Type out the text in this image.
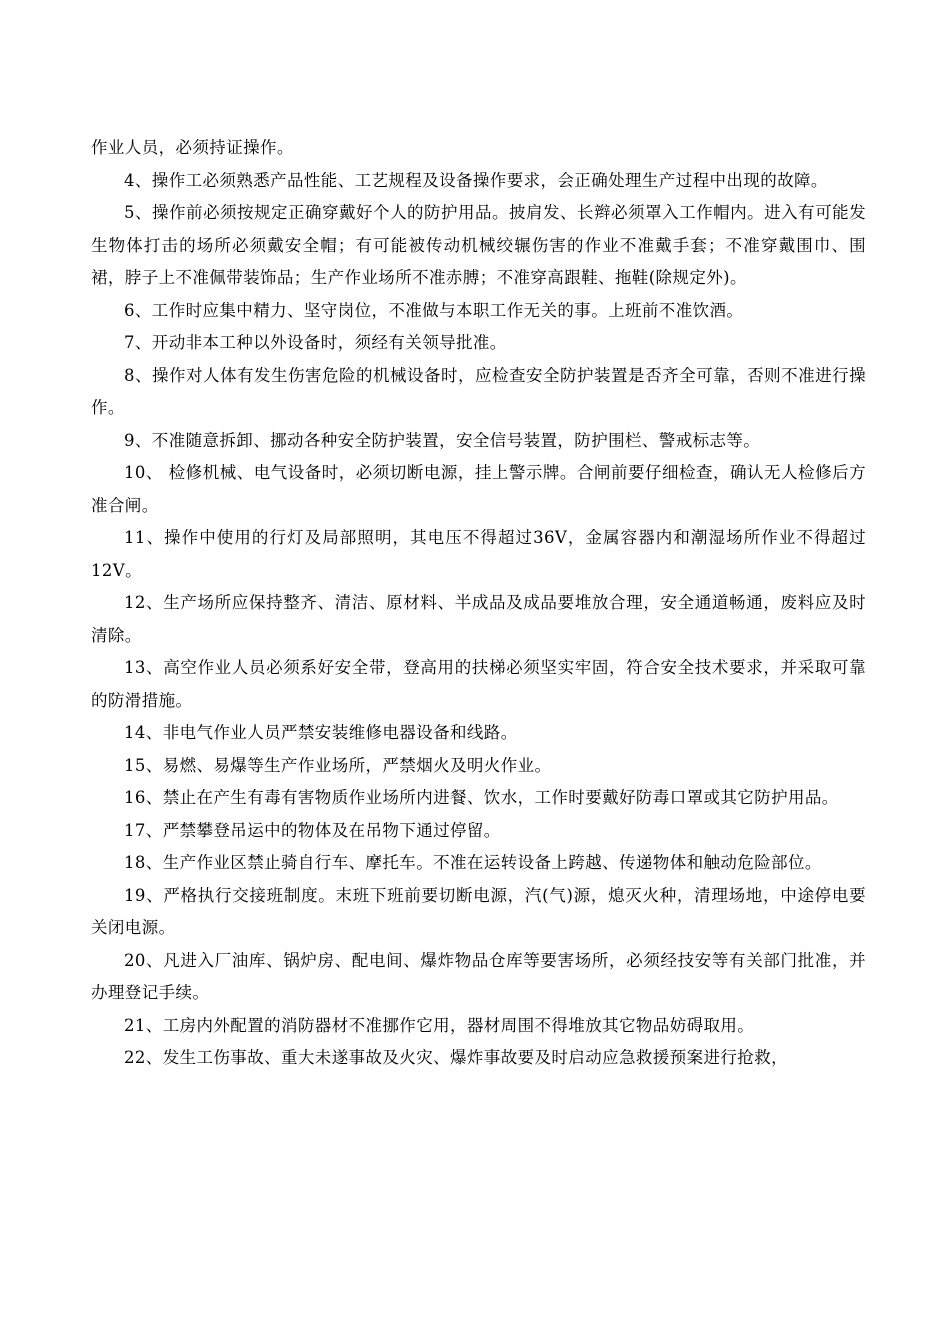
作业人员，必须持证操作。

4、操作工必须熟悉产品性能、工艺规程及设备操作要求，会正确处理生产过程中出现的故障。

5、操作前必须按规定正确穿戴好个人的防护用品。披肩发、长辫必须罩入工作帽内。进入有可能发生物体打击的场所必须戴安全帽；有可能被传动机械绞辗伤害的作业不准戴手套；不准穿戴围巾、围裙，脖子上不准佩带装饰品；生产作业场所不准赤膊；不准穿高跟鞋、拖鞋(除规定外)。

6、工作时应集中精力、坚守岗位，不准做与本职工作无关的事。上班前不准饮酒。

7、开动非本工种以外设备时，须经有关领导批准。

8、操作对人体有发生伤害危险的机械设备时，应检查安全防护装置是否齐全可靠，否则不准进行操作。

9、不准随意拆卸、挪动各种安全防护装置，安全信号装置，防护围栏、警戒标志等。

10、 检修机械、电气设备时，必须切断电源，挂上警示牌。合闸前要仔细检查，确认无人检修后方准合闸。

11、操作中使用的行灯及局部照明，其电压不得超过36V，金属容器内和潮湿场所作业不得超过12V。

12、生产场所应保持整齐、清洁、原材料、半成品及成品要堆放合理，安全通道畅通，废料应及时清除。

13、高空作业人员必须系好安全带，登高用的扶梯必须坚实牢固，符合安全技术要求，并采取可靠的防滑措施。

14、非电气作业人员严禁安装维修电器设备和线路。

15、易燃、易爆等生产作业场所，严禁烟火及明火作业。

16、禁止在产生有毒有害物质作业场所内进餐、饮水，工作时要戴好防毒口罩或其它防护用品。

17、严禁攀登吊运中的物体及在吊物下通过停留。

18、生产作业区禁止骑自行车、摩托车。不准在运转设备上跨越、传递物体和触动危险部位。

19、严格执行交接班制度。末班下班前要切断电源，汽(气)源，熄灭火种，清理场地，中途停电要关闭电源。

20、凡进入厂油库、锅炉房、配电间、爆炸物品仓库等要害场所，必须经技安等有关部门批准，并办理登记手续。

21、工房内外配置的消防器材不准挪作它用，器材周围不得堆放其它物品妨碍取用。

22、发生工伤事故、重大未遂事故及火灾、爆炸事故要及时启动应急救援预案进行抢救，
